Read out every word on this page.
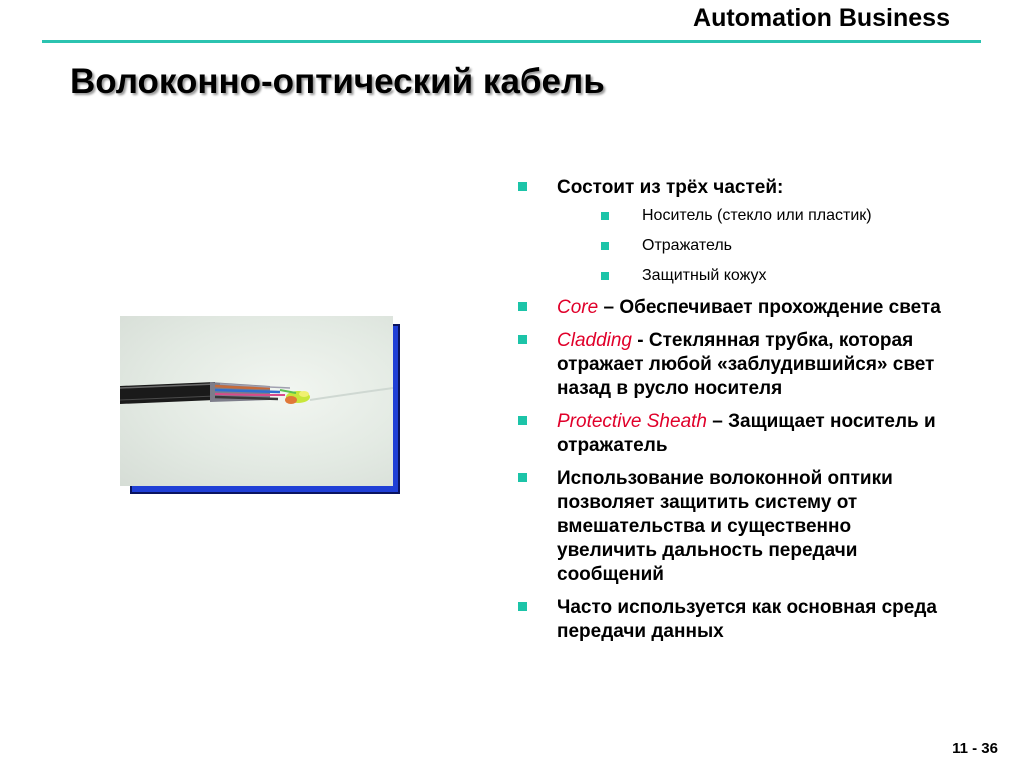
Automation Business
Волоконно-оптический кабель
Состоит из трёх частей:
Носитель (стекло или пластик)
Отражатель
Защитный кожух
Core – Обеспечивает прохождение света
Cladding - Стеклянная трубка, которая отражает любой «заблудившийся» свет назад в русло носителя
Protective Sheath – Защищает носитель и отражатель
Использование волоконной оптики позволяет защитить систему от вмешательства и существенно увеличить дальность передачи сообщений
Часто используется как основная среда передачи данных
11 - 36
